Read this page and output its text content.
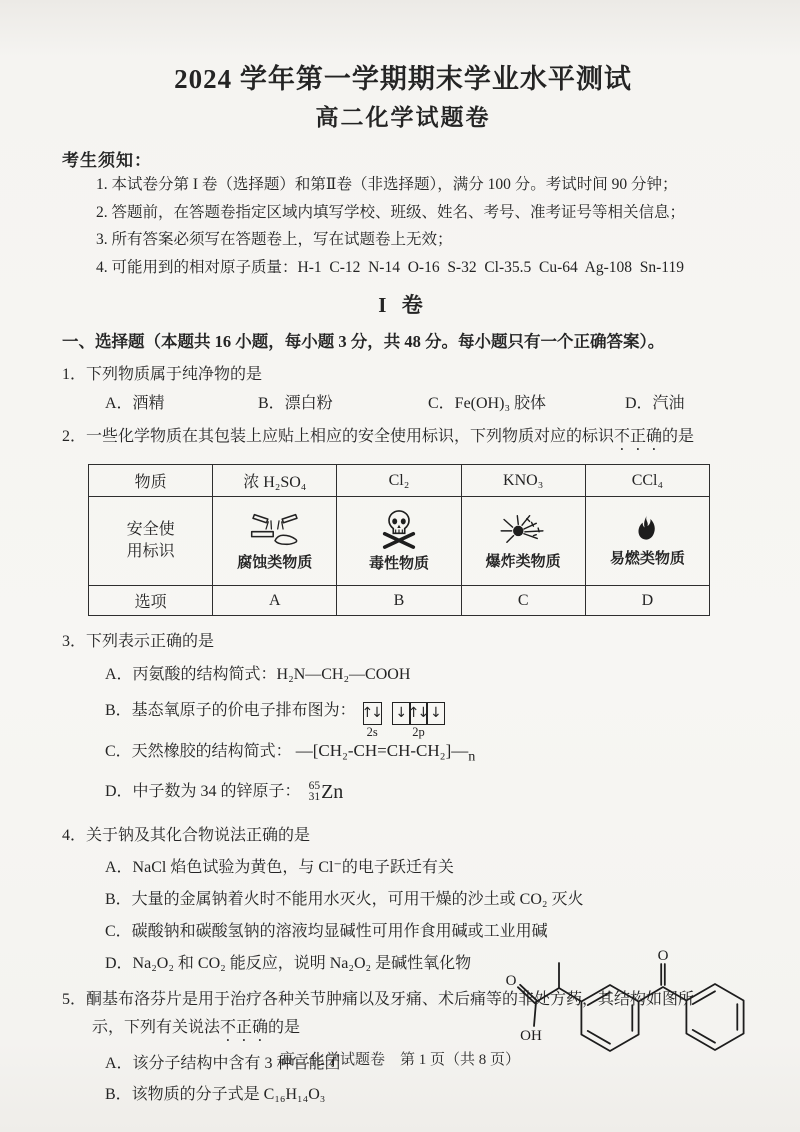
2024 学年第一学期期末学业水平测试
高二化学试题卷
考生须知：
1. 本试卷分第 I 卷（选择题）和第Ⅱ卷（非选择题），满分 100 分。考试时间 90 分钟；
2. 答题前，在答题卷指定区域内填写学校、班级、姓名、考号、准考证号等相关信息；
3. 所有答案必须写在答题卷上，写在试题卷上无效；
4. 可能用到的相对原子质量：H-1  C-12  N-14  O-16  S-32  Cl-35.5  Cu-64  Ag-108  Sn-119
I 卷
一、选择题（本题共 16 小题，每小题 3 分，共 48 分。每小题只有一个正确答案）。
1．下列物质属于纯净物的是
A．酒精	B．漂白粉	C．Fe(OH)₃ 胶体	D．汽油
2．一些化学物质在其包装上应贴上相应的安全使用标识，下列物质对应的标识不正确的是
物质	浓 H₂SO₄	Cl₂	KNO₃	CCl₄

安全使
用标识	腐蚀类物质	毒性物质	爆炸类物质	易燃类物质

选项	A	B	C	D
3．下列表示正确的是
A．丙氨酸的结构简式：H₂N—CH₂—COOH
B．基态氧原子的价电子排布图为： ↑↓
2s
↓ ↑↓ ↓
2p
C．天然橡胶的结构简式： $—[CH_2-CH=CH-CH_2]—_n$
D．中子数为 34 的锌原子： 65
31 Zn
4．关于钠及其化合物说法正确的是
A．NaCl 焰色试验为黄色，与 Cl⁻的电子跃迁有关
B．大量的金属钠着火时不能用水灭火，可用干燥的沙土或 CO₂ 灭火
C．碳酸钠和碳酸氢钠的溶液均显碱性可用作食用碱或工业用碱
D．Na₂O₂ 和 CO₂ 能反应，说明 Na₂O₂ 是碱性氧化物
5．酮基布洛芬片是用于治疗各种关节肿痛以及牙痛、术后痛等的非处方药，其结构如图所
示，下列有关说法不正确的是
A．该分子结构中含有 3 种官能团
B．该物质的分子式是 C₁₆H₁₄O₃
O
OH
O
高二化学试题卷　第 1 页（共 8 页）
